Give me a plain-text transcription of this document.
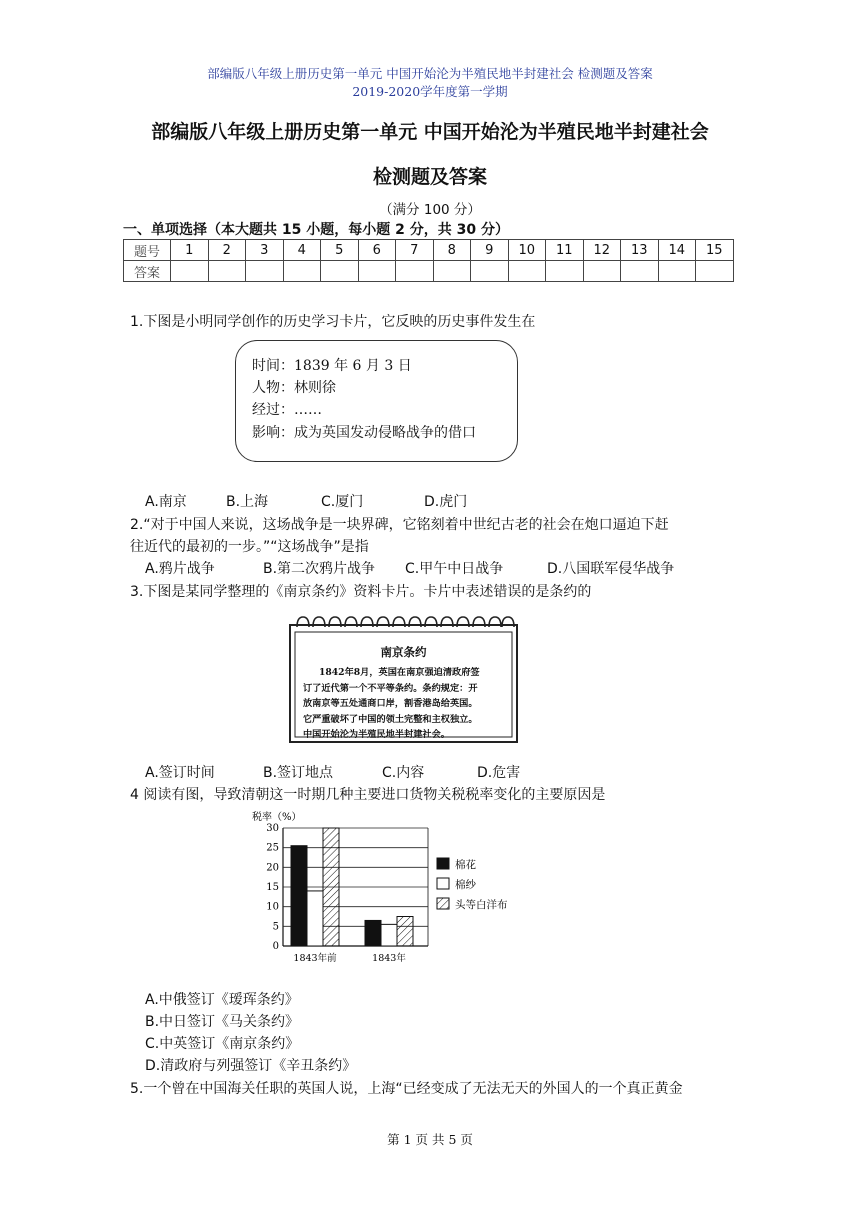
部编版八年级上册历史第一单元 中国开始沦为半殖民地半封建社会 检测题及答案
2019-2020学年度第一学期
部编版八年级上册历史第一单元 中国开始沦为半殖民地半封建社会
检测题及答案
（满分 100 分）
一、单项选择（本大题共 15 小题，每小题 2 分，共 30 分）
题号	1	2	3	4	5	6	7	8	9	10	11	12	13	14	15
答案															
1.下图是小明同学创作的历史学习卡片，它反映的历史事件发生在
时间：1839 年 6 月 3 日
人物：林则徐
经过：……
影响：成为英国发动侵略战争的借口
A.南京	B.上海	C.厦门	D.虎门
2.“对于中国人来说，这场战争是一块界碑，它铭刻着中世纪古老的社会在炮口逼迫下赶
往近代的最初的一步。”“这场战争”是指
A.鸦片战争	B.第二次鸦片战争 C.甲午中日战争	D.八国联军侵华战争
3.下图是某同学整理的《南京条约》资料卡片。卡片中表述错误的是条约的
南京条约
1842年8月，英国在南京强迫清政府签
订了近代第一个不平等条约。条约规定：开
放南京等五处通商口岸，割香港岛给英国。
它严重破坏了中国的领土完整和主权独立。
中国开始沦为半殖民地半封建社会。
A.签订时间	B.签订地点	C.内容	D.危害
4 阅读有图，导致清朝这一时期几种主要进口货物关税税率变化的主要原因是
税率（%）
0
5
10
15
20
25
30
1843年前	1843年
棉花
棉纱
头等白洋布
A.中俄签订《瑷珲条约》
B.中日签订《马关条约》
C.中英签订《南京条约》
D.清政府与列强签订《辛丑条约》
5.一个曾在中国海关任职的英国人说，上海“已经变成了无法无天的外国人的一个真正黄金
第 1 页 共 5 页
